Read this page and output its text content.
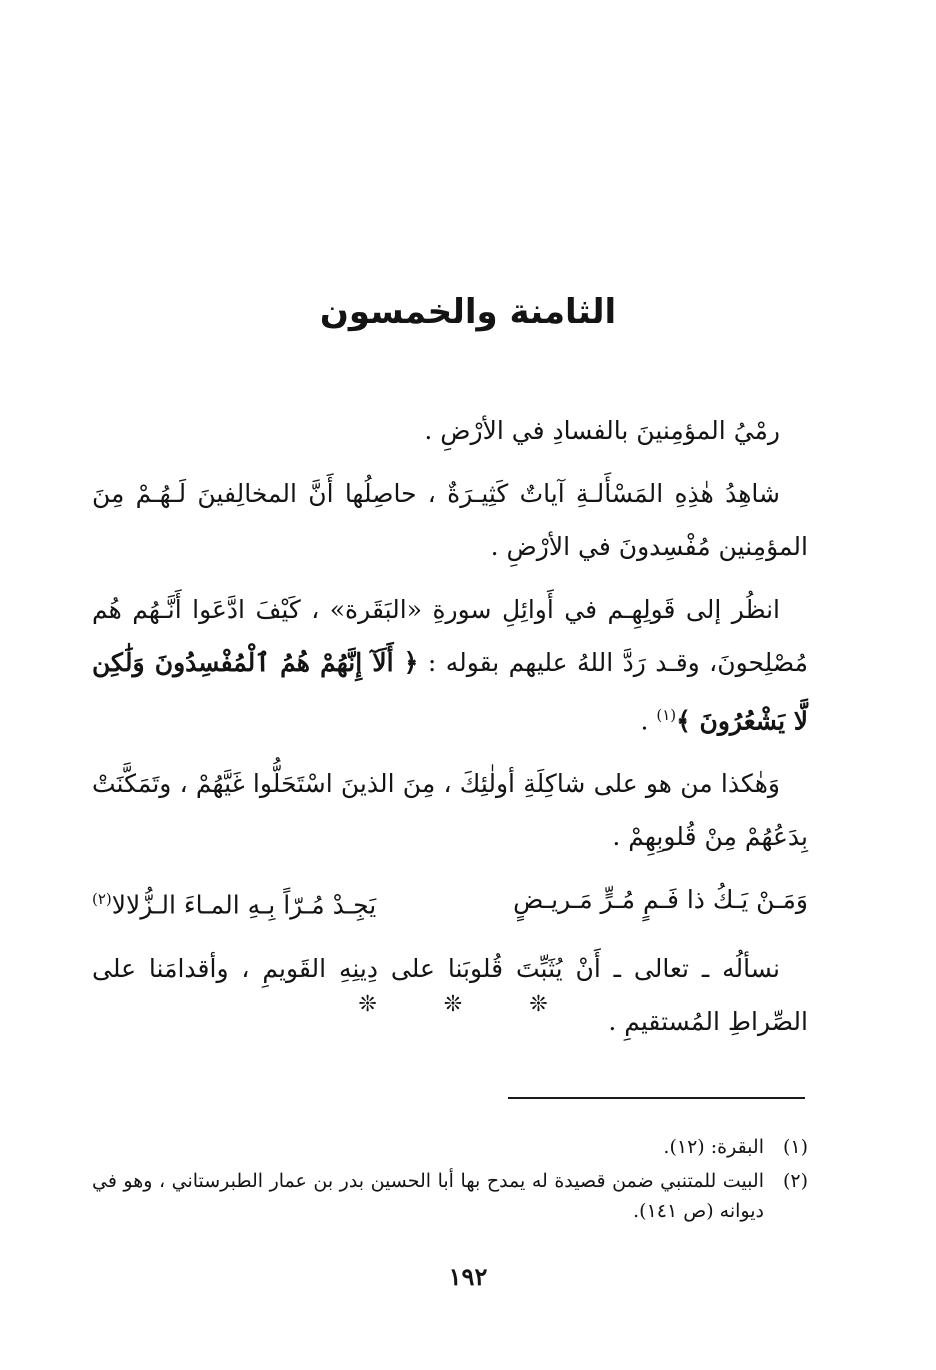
الثامنة والخمسون

رمْيُ المؤمِنينَ بالفسادِ في الأرْضِ .

شاهِدُ هٰذِهِ المَسْأَلـةِ آياتٌ كَثِيـرَةٌ ، حاصِلُها أَنَّ المخالِفينَ لَـهُـمْ مِنَ المؤمِنين مُفْسِدونَ في الأرْضِ .

انظُر إلى قَولِهِـم في أَوائِلِ سورةِ «البَقَرة» ، كَيْفَ ادَّعَوا أَنَّـهُم هُم مُصْلِحونَ، وقـد رَدَّ اللهُ عليهم بقوله : ﴿ أَلَآ إِنَّهُمْ هُمُ ٱلْمُفْسِدُونَ وَلَٰكِن لَّا يَشْعُرُونَ ﴾$^{(١)}$ .

وَهٰكذا من هو على شاكِلَةِ أولٰئِكَ ، مِنَ الذينَ اسْتَحَلُّوا غَيَّهُمْ ، وتَمَكَّنَتْ بِدَعُهُمْ مِنْ قُلوبِهِمْ .

وَمَـنْ يَـكُ ذا فَـمٍ مُـرٍّ مَـريـضٍ
يَجِـدْ مُـرّاً بِـهِ المـاءَ الـزُّلالا$^{(٢)}$

نسألُه ـ تعالى ـ أَنْ يُثَبِّتَ قُلوبَنا على دِينِهِ القَويمِ ، وأقدامَنا على الصِّراطِ المُستقيمِ .

❊ ❊ ❊
(١)
البقرة: (١٢).
(٢)
البيت للمتنبي ضمن قصيدة له يمدح بها أبا الحسين بدر بن عمار الطبرستاني ، وهو في ديوانه (ص ١٤١).
١٩٢
